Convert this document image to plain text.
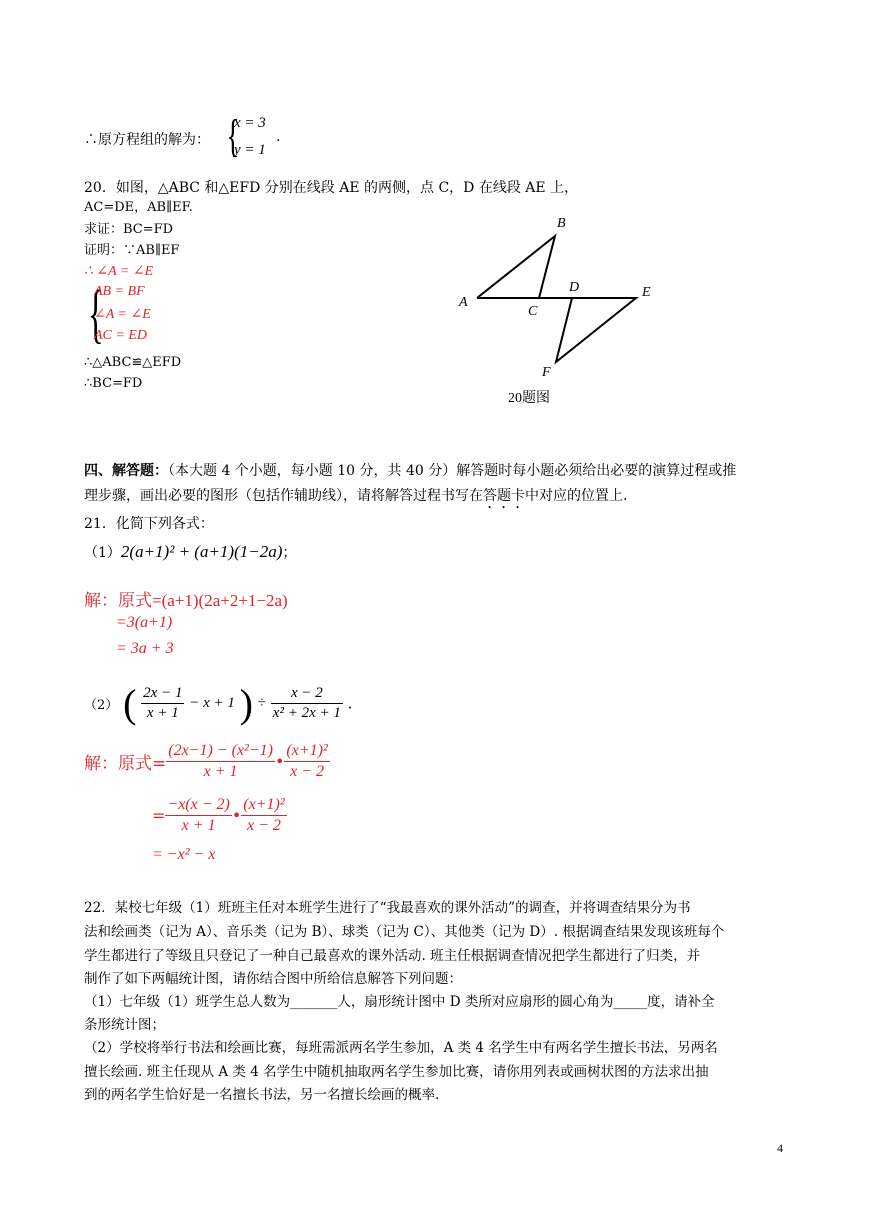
∴原方程组的解为： {
x = 3
y = 1
.
20．如图，△ABC 和△EFD 分别在线段 AE 的两侧，点 C，D 在线段 AE 上，
AC=DE，AB∥EF.
求证：BC=FD
证明：∵AB∥EF
∴ ∠A = ∠E
{
AB = BF
∠A = ∠E
AC = ED
∴△ABC≌△EFD
∴BC=FD
B
A
C
D	E
F
20题图
四、解答题：（本大题 4 个小题，每小题 10 分，共 40 分）解答题时每小题必须给出必要的演算过程或推
理步骤，画出必要的图形（包括作辅助线），请将解答过程书写在答题卡中对应的位置上.
21．化简下列各式：
（1）2(a+1)² + (a+1)(1−2a)；
解：原式=(a+1)(2a+2+1−2a)
=3(a+1)
= 3a + 3
（2） ( $\frac{2x - 1}{x + 1} - x + 1$ ) ÷ $\frac{x - 2}{\text{x² + 2x + 1}}$ .
解：原式= $\frac{\text{(2x−1) − (x²−1)}}{x + 1}$ • $\frac{\text{(x+1)²}}{x - 2}$
= $\frac{-x(x - 2)}{x + 1}$ • $\frac{\text{(x+1)²}}{x - 2}$
= −x² − x
22．某校七年级（1）班班主任对本班学生进行了“我最喜欢的课外活动”的调查，并将调查结果分为书
法和绘画类（记为 A）、音乐类（记为 B）、球类（记为 C）、其他类（记为 D）. 根据调查结果发现该班每个
学生都进行了等级且只登记了一种自己最喜欢的课外活动. 班主任根据调查情况把学生都进行了归类，并
制作了如下两幅统计图，请你结合图中所给信息解答下列问题：
（1）七年级（1）班学生总人数为_______人，扇形统计图中 D 类所对应扇形的圆心角为_____度，请补全
条形统计图；
（2）学校将举行书法和绘画比赛，每班需派两名学生参加，A 类 4 名学生中有两名学生擅长书法，另两名
擅长绘画. 班主任现从 A 类 4 名学生中随机抽取两名学生参加比赛，请你用列表或画树状图的方法求出抽
到的两名学生恰好是一名擅长书法，另一名擅长绘画的概率.
4
